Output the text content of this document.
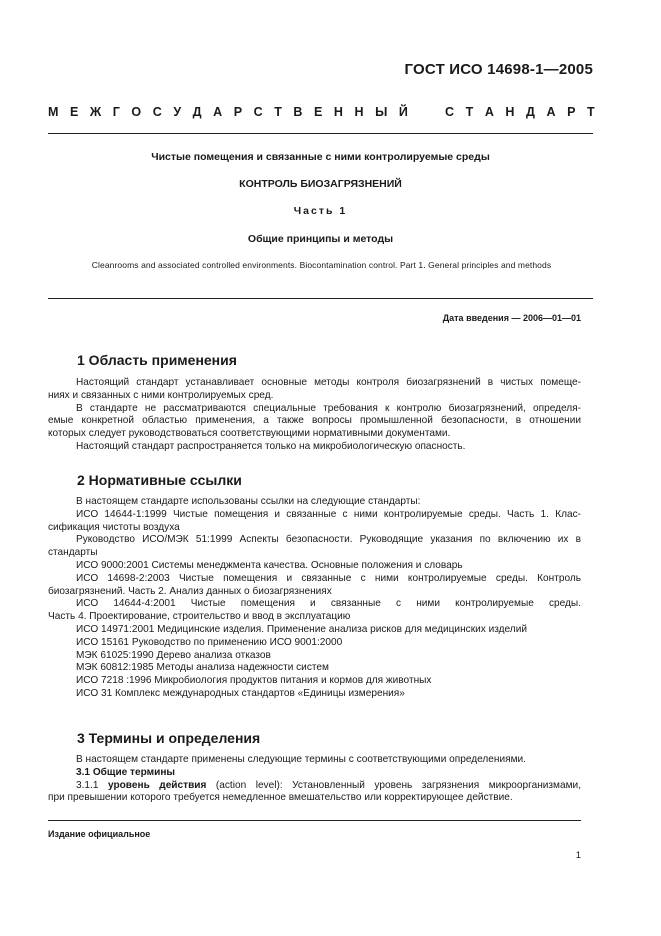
ГОСТ ИСО 14698-1—2005
М Е Ж Г О С У Д А Р С Т В Е Н Н Ы Й	С Т А Н Д А Р Т
Чистые помещения и связанные с ними контролируемые среды
КОНТРОЛЬ БИОЗАГРЯЗНЕНИЙ
Часть 1
Общие принципы и методы
Cleanrooms and associated controlled environments. Biocontamination control. Part 1. General principles and methods
Дата введения — 2006—01—01
1 Область применения
Настоящий стандарт устанавливает основные методы контроля биозагрязнений в чистых помеще-
ниях и связанных с ними контролируемых сред.
В стандарте не рассматриваются специальные требования к контролю биозагрязнений, определя-
емые конкретной областью применения, а также вопросы промышленной безопасности, в отношении
которых следует руководствоваться соответствующими нормативными документами.
Настоящий стандарт распространяется только на микробиологическую опасность.
2 Нормативные ссылки
В настоящем стандарте использованы ссылки на следующие стандарты:
ИСО 14644-1:1999 Чистые помещения и связанные с ними контролируемые среды. Часть 1. Клас-
сификация чистоты воздуха
Руководство ИСО/МЭК 51:1999 Аспекты безопасности. Руководящие указания по включению их в
стандарты
ИСО 9000:2001 Системы менеджмента качества. Основные положения и словарь
ИСО 14698-2:2003 Чистые помещения и связанные с ними контролируемые среды. Контроль
биозагрязнений. Часть 2. Анализ данных о биозагрязнениях
ИСО 14644-4:2001 Чистые помещения и связанные с ними контролируемые среды.
Часть 4. Проектирование, строительство и ввод в эксплуатацию
ИСО 14971:2001 Медицинские изделия. Применение анализа рисков для медицинских изделий
ИСО 15161 Руководство по применению ИСО 9001:2000
МЭК 61025:1990 Дерево анализа отказов
МЭК 60812:1985 Методы анализа надежности систем
ИСО 7218 :1996 Микробиология продуктов питания и кормов для животных
ИСО 31 Комплекс международных стандартов «Единицы измерения»
3 Термины и определения
В настоящем стандарте применены следующие термины с соответствующими определениями.
3.1 Общие термины
3.1.1 уровень действия (action level): Установленный уровень загрязнения микроорганизмами,
при превышении которого требуется немедленное вмешательство или корректирующее действие.
Издание официальное
1
